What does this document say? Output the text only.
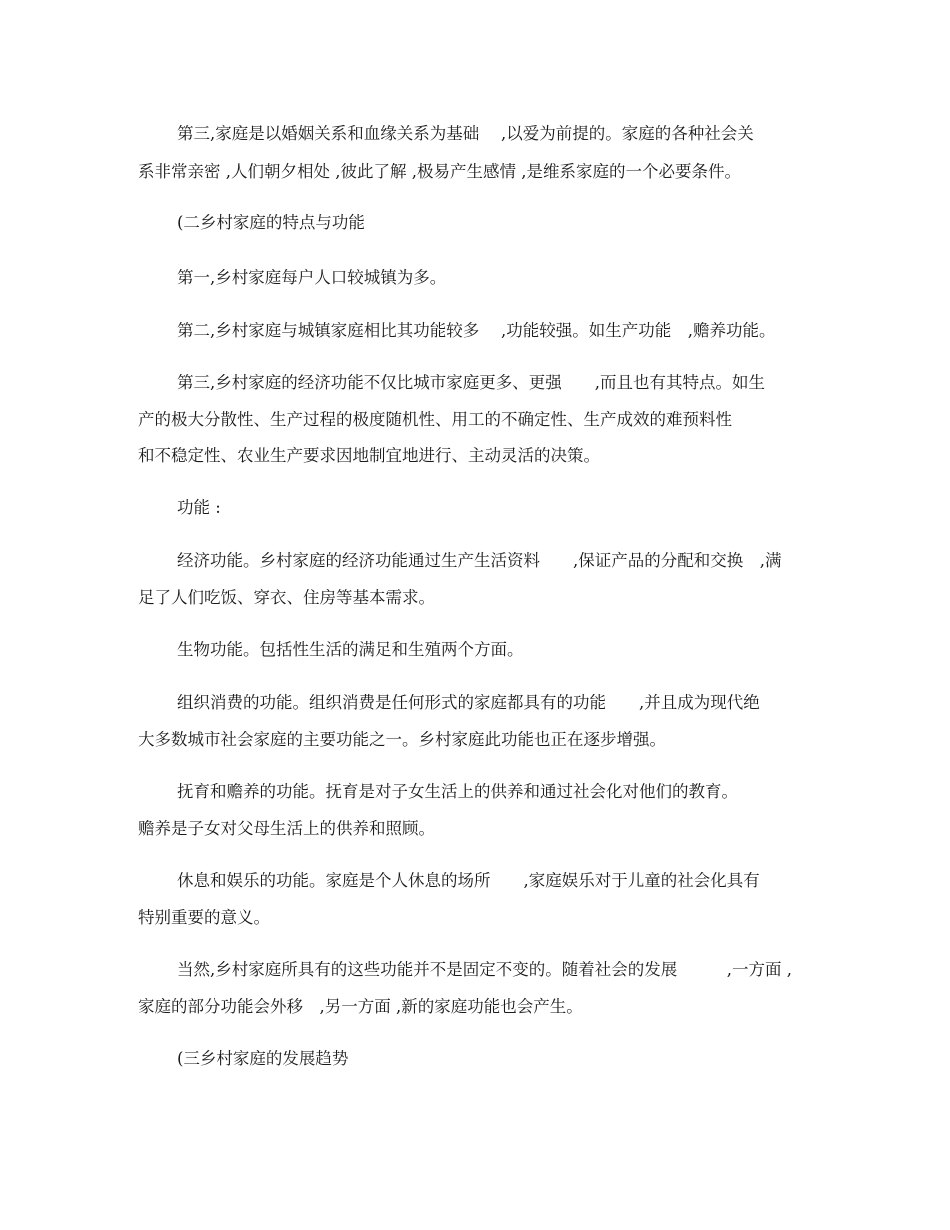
第三,家庭是以婚姻关系和血缘关系为基础　 ,以爱为前提的。家庭的各种社会关
系非常亲密 ,人们朝夕相处 ,彼此了解 ,极易产生感情 ,是维系家庭的一个必要条件。
(二乡村家庭的特点与功能
第一,乡村家庭每户人口较城镇为多。
第二,乡村家庭与城镇家庭相比其功能较多　 ,功能较强。如生产功能　,赡养功能。
第三,乡村家庭的经济功能不仅比城市家庭更多、更强　　,而且也有其特点。如生
产的极大分散性、生产过程的极度随机性、用工的不确定性、生产成效的难预料性
和不稳定性、农业生产要求因地制宜地进行、主动灵活的决策。
功能 :
经济功能。乡村家庭的经济功能通过生产生活资料　　,保证产品的分配和交换　,满
足了人们吃饭、穿衣、住房等基本需求。
生物功能。包括性生活的满足和生殖两个方面。
组织消费的功能。组织消费是任何形式的家庭都具有的功能　　,并且成为现代绝
大多数城市社会家庭的主要功能之一。乡村家庭此功能也正在逐步增强。
抚育和赡养的功能。抚育是对子女生活上的供养和通过社会化对他们的教育。
赡养是子女对父母生活上的供养和照顾。
休息和娱乐的功能。家庭是个人休息的场所　　,家庭娱乐对于儿童的社会化具有
特别重要的意义。
当然,乡村家庭所具有的这些功能并不是固定不变的。随着社会的发展　　　,一方面 ,
家庭的部分功能会外移　,另一方面 ,新的家庭功能也会产生。
(三乡村家庭的发展趋势
